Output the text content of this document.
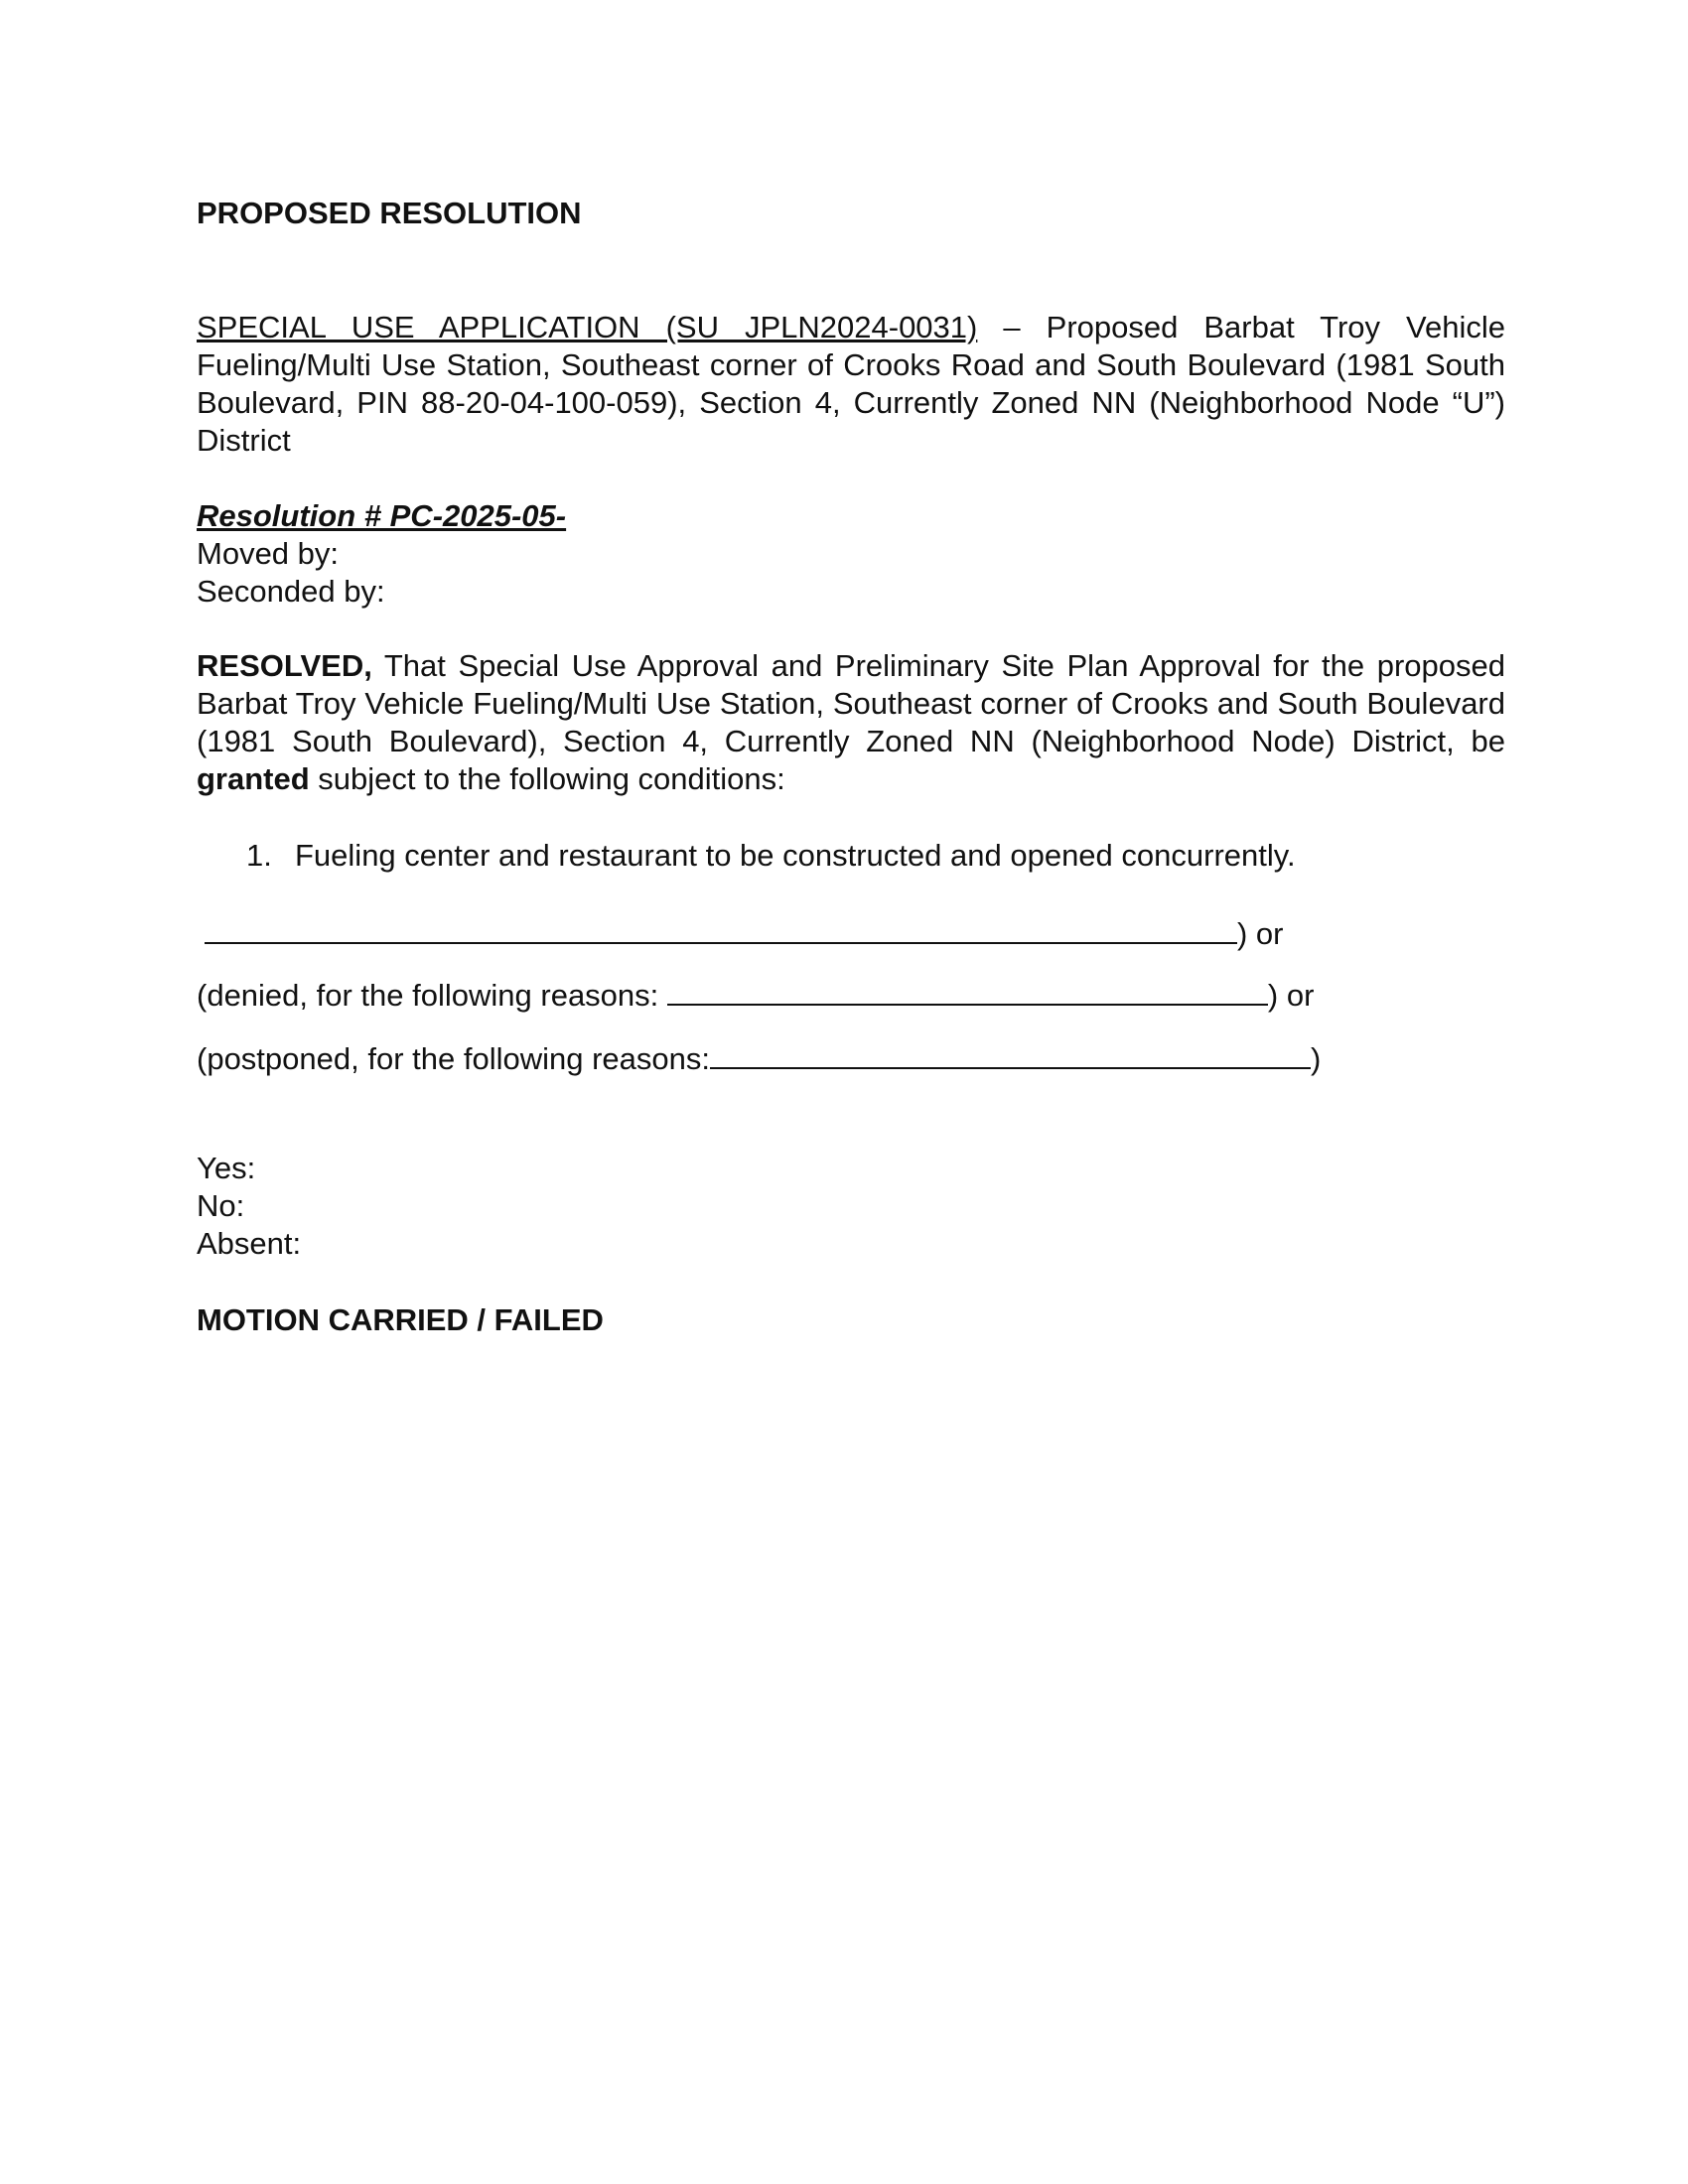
PROPOSED RESOLUTION
SPECIAL USE APPLICATION (SU JPLN2024-0031) – Proposed Barbat Troy Vehicle Fueling/Multi Use Station, Southeast corner of Crooks Road and South Boulevard (1981 South Boulevard, PIN 88-20-04-100-059), Section 4, Currently Zoned NN (Neighborhood Node “U”) District
Resolution # PC-2025-05-
Moved by:
Seconded by:
RESOLVED, That Special Use Approval and Preliminary Site Plan Approval for the proposed Barbat Troy Vehicle Fueling/Multi Use Station, Southeast corner of Crooks and South Boulevard (1981 South Boulevard), Section 4, Currently Zoned NN (Neighborhood Node) District, be granted subject to the following conditions:
1. Fueling center and restaurant to be constructed and opened concurrently.
) or
(denied, for the following reasons:	) or
(postponed, for the following reasons:	)
Yes:
No:
Absent:
MOTION CARRIED / FAILED
